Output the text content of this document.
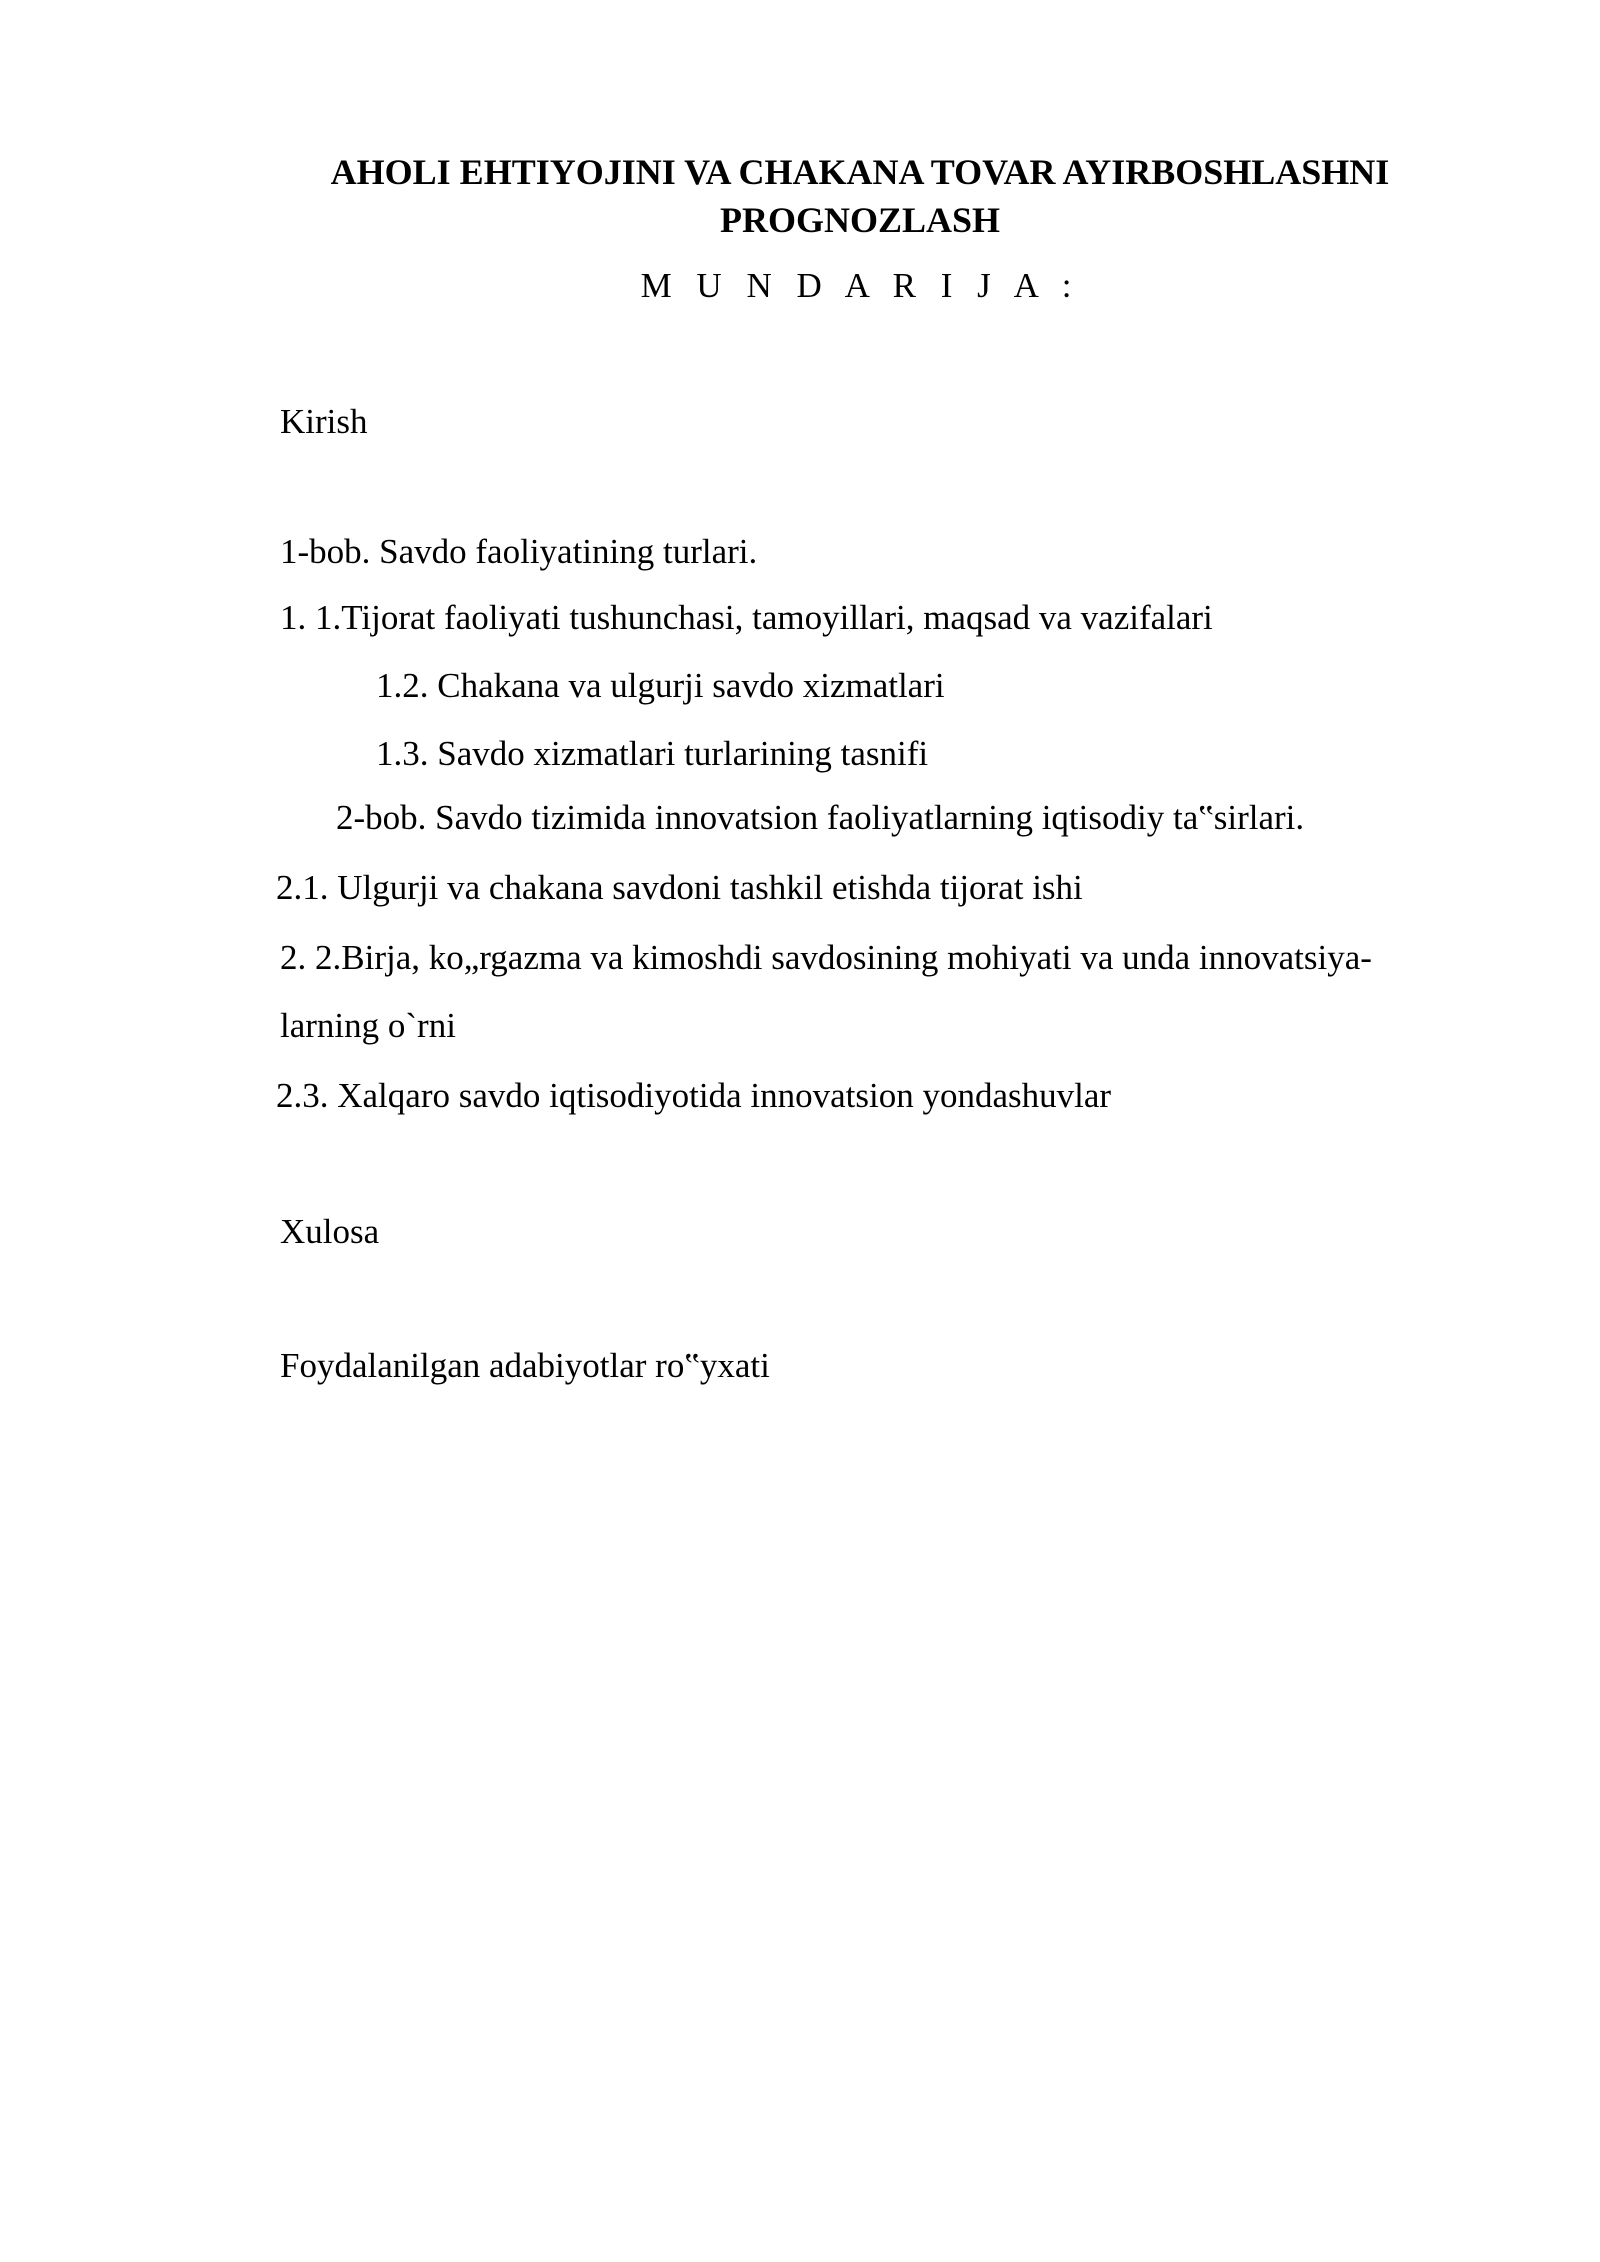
AHOLI EHTIYOJINI VA CHAKANA TOVAR AYIRBOSHLASHNI
PROGNOZLASH
M U N D A R I J A :
Kirish
1-bob. Savdo faoliyatining turlari.
1. 1.Tijorat faoliyati tushunchasi, tamoyillari, maqsad va vazifalari
1.2. Chakana va ulgurji savdo xizmatlari
1.3. Savdo xizmatlari turlarining tasnifi
2-bob. Savdo tizimida innovatsion faoliyatlarning iqtisodiy ta‟sirlari.
2.1. Ulgurji va chakana savdoni tashkil etishda tijorat ishi
2. 2.Birja, ko„rgazma va kimoshdi savdosining mohiyati va unda innovatsiya-
larning o`rni
2.3. Xalqaro savdo iqtisodiyotida innovatsion yondashuvlar
Xulosa
Foydalanilgan adabiyotlar ro‟yxati
